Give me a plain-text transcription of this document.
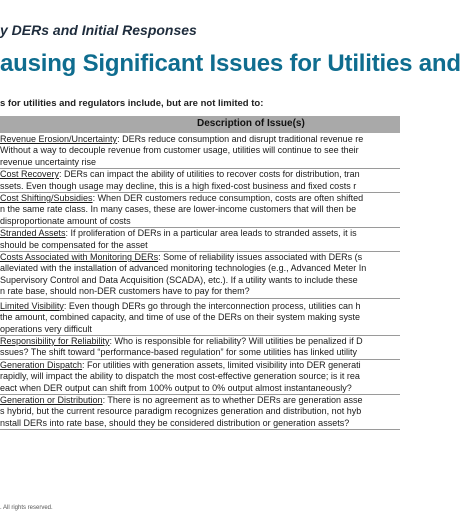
y DERs and Initial Responses
ausing Significant Issues for Utilities and
s for utilities and regulators include, but are not limited to:
Description of Issue(s)
Revenue Erosion/Uncertainty: DERs reduce consumption and disrupt traditional revenue re
Without a way to decouple revenue from customer usage, utilities will continue to see their
revenue uncertainty rise
Cost Recovery: DERs can impact the ability of utilities to recover costs for distribution, tran
ssets. Even though usage may decline, this is a high fixed-cost business and fixed costs r
Cost Shifting/Subsidies: When DER customers reduce consumption, costs are often shifted
n the same rate class. In many cases, these are lower-income customers that will then be
disproportionate amount of costs
Stranded Assets: If proliferation of DERs in a particular area leads to stranded assets, it is
should be compensated for the asset
Costs Associated with Monitoring DERs: Some of reliability issues associated with DERs (s
alleviated with the installation of advanced monitoring technologies (e.g., Advanced Meter In
Supervisory Control and Data Acquisition (SCADA), etc.). If a utility wants to include these
n rate base, should non-DER customers have to pay for them?
Limited Visibility: Even though DERs go through the interconnection process, utilities can h
the amount, combined capacity, and time of use of the DERs on their system making syste
operations very difficult
Responsibility for Reliability: Who is responsible for reliability? Will utilities be penalized if D
ssues? The shift toward “performance-based regulation” for some utilities has linked utility
Generation Dispatch: For utilities with generation assets, limited visibility into DER generati
rapidly, will impact the ability to dispatch the most cost-effective generation source; is it rea
eact when DER output can shift from 100% output to 0% output almost instantaneously?
Generation or Distribution: There is no agreement as to whether DERs are generation asse
s hybrid, but the current resource paradigm recognizes generation and distribution, not hyb
nstall DERs into rate base, should they be considered distribution or generation assets?
. All rights reserved.
